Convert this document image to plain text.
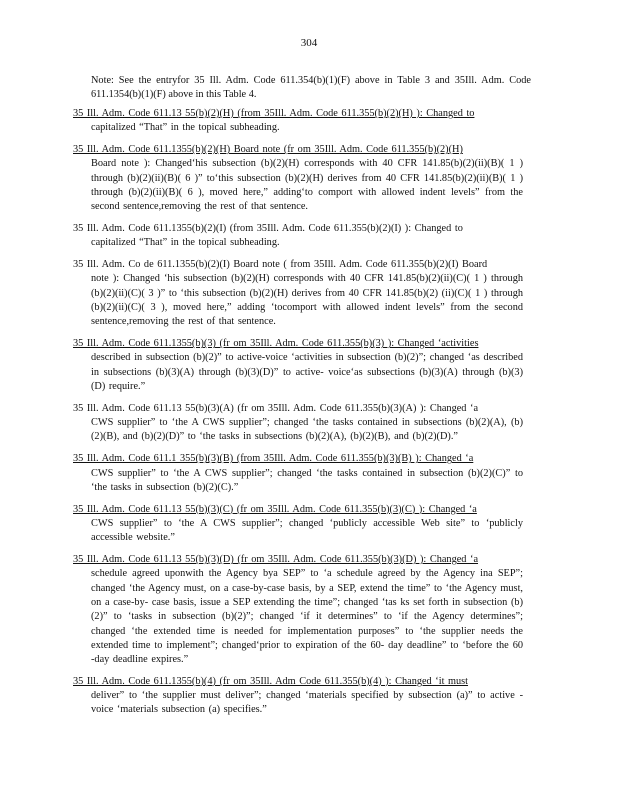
304
Note: See the entryfor 35 Ill. Adm. Code 611.354(b)(1)(F) above in Table 3 and 35Ill. Adm. Code 611.1354(b)(1)(F) above in this Table 4.
35 Ill. Adm. Code 611.13 55(b)(2)(H) (from 35Ill. Adm. Code 611.355(b)(2)(H) ): Changed to
capitalized “That” in the topical subheading.
35 Ill. Adm. Code 611.1355(b)(2)(H) Board note (fr om 35Ill. Adm. Code 611.355(b)(2)(H)
Board note ): Changed‘his subsection (b)(2)(H) corresponds with 40 CFR 141.85(b)(2)(ii)(B)( 1 ) through (b)(2)(ii)(B)( 6 )” to‘this subsection (b)(2)(H) derives from 40 CFR 141.85(b)(2)(ii)(B)( 1 ) through (b)(2)(ii)(B)( 6 ), moved here,” adding‘to comport with allowed indent levels” from the second sentence,removing the rest of that sentence.
35 Ill. Adm. Code 611.1355(b)(2)(I) (from 35Ill. Adm. Code 611.355(b)(2)(I) ): Changed to
capitalized “That” in the topical subheading.
35 Ill. Adm. Co de 611.1355(b)(2)(I) Board note ( from 35Ill. Adm. Code 611.355(b)(2)(I) Board
note ): Changed ‘his subsection (b)(2)(H) corresponds with 40 CFR 141.85(b)(2)(ii)(C)( 1 ) through (b)(2)(ii)(C)( 3 )” to ‘this subsection (b)(2)(H) derives from 40 CFR 141.85(b)(2) (ii)(C)( 1 ) through (b)(2)(ii)(C)( 3 ), moved here,” adding ‘tocomport with allowed indent levels” from the second sentence,removing the rest of that sentence.
35 Ill. Adm. Code 611.1355(b)(3) (fr om 35Ill. Adm. Code 611.355(b)(3) ): Changed ‘activities
described in subsection (b)(2)” to active-voice ‘activities in subsection (b)(2)”; changed ‘as described in subsections (b)(3)(A) through (b)(3)(D)” to active- voice‘as subsections (b)(3)(A) through (b)(3)(D) require.”
35 Ill. Adm. Code 611.13 55(b)(3)(A) (fr om 35Ill. Adm. Code 611.355(b)(3)(A) ): Changed ‘a
CWS supplier” to ‘the A CWS supplier”; changed ‘the tasks contained in subsections (b)(2)(A), (b)(2)(B), and (b)(2)(D)” to ‘the tasks in subsections (b)(2)(A), (b)(2)(B), and (b)(2)(D).”
35 Ill. Adm. Code 611.1 355(b)(3)(B) (from 35Ill. Adm. Code 611.355(b)(3)(B) ): Changed ‘a
CWS supplier” to ‘the A CWS supplier”; changed ‘the tasks contained in subsection (b)(2)(C)” to ‘the tasks in subsection (b)(2)(C).”
35 Ill. Adm. Code 611.13 55(b)(3)(C) (fr om 35Ill. Adm. Code 611.355(b)(3)(C) ): Changed ‘a
CWS supplier” to ‘the A CWS supplier”; changed ‘publicly accessible Web site” to ‘publicly accessible website.”
35 Ill. Adm. Code 611.13 55(b)(3)(D) (fr om 35Ill. Adm. Code 611.355(b)(3)(D) ): Changed ‘a
schedule agreed uponwith the Agency bya SEP” to ‘a schedule agreed by the Agency ina SEP”; changed ‘the Agency must, on a case-by-case basis, by a SEP, extend the time” to ‘the Agency must, on a case-by- case basis, issue a SEP extending the time”; changed ‘tas ks set forth in subsection (b)(2)” to ‘tasks in subsection (b)(2)”; changed ‘if it determines” to ‘if the Agency determines”; changed ‘the extended time is needed for implementation purposes” to ‘the supplier needs the extended time to implement”; changed‘prior to expiration of the 60- day deadline” to ‘before the 60 -day deadline expires.”
35 Ill. Adm. Code 611.1355(b)(4) (fr om 35Ill. Adm Code 611.355(b)(4) ): Changed ‘it must
deliver” to ‘the supplier must deliver”; changed ‘materials specified by subsection (a)” to active -voice ‘materials subsection (a) specifies.”
